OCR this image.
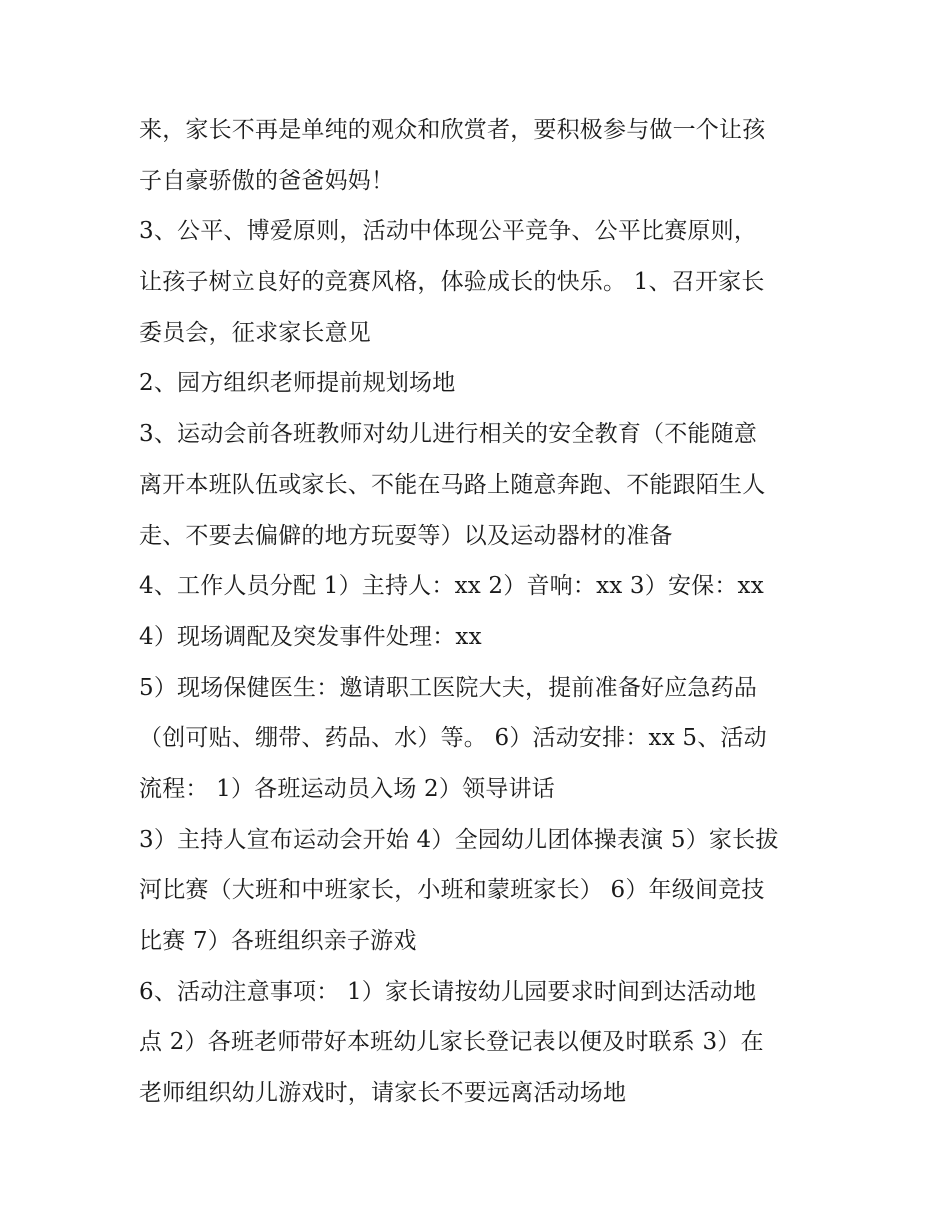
来，家长不再是单纯的观众和欣赏者，要积极参与做一个让孩
子自豪骄傲的爸爸妈妈！
3、公平、博爱原则，活动中体现公平竞争、公平比赛原则，
让孩子树立良好的竞赛风格，体验成长的快乐。 1、召开家长
委员会，征求家长意见
2、园方组织老师提前规划场地
3、运动会前各班教师对幼儿进行相关的安全教育（不能随意
离开本班队伍或家长、不能在马路上随意奔跑、不能跟陌生人
走、不要去偏僻的地方玩耍等）以及运动器材的准备
4、工作人员分配 1）主持人：xx 2）音响：xx 3）安保：xx
4）现场调配及突发事件处理：xx
5）现场保健医生：邀请职工医院大夫，提前准备好应急药品
（创可贴、绷带、药品、水）等。 6）活动安排：xx 5、活动
流程： 1）各班运动员入场 2）领导讲话
3）主持人宣布运动会开始 4）全园幼儿团体操表演 5）家长拔
河比赛（大班和中班家长，小班和蒙班家长） 6）年级间竞技
比赛 7）各班组织亲子游戏
6、活动注意事项： 1）家长请按幼儿园要求时间到达活动地
点 2）各班老师带好本班幼儿家长登记表以便及时联系 3）在
老师组织幼儿游戏时，请家长不要远离活动场地
